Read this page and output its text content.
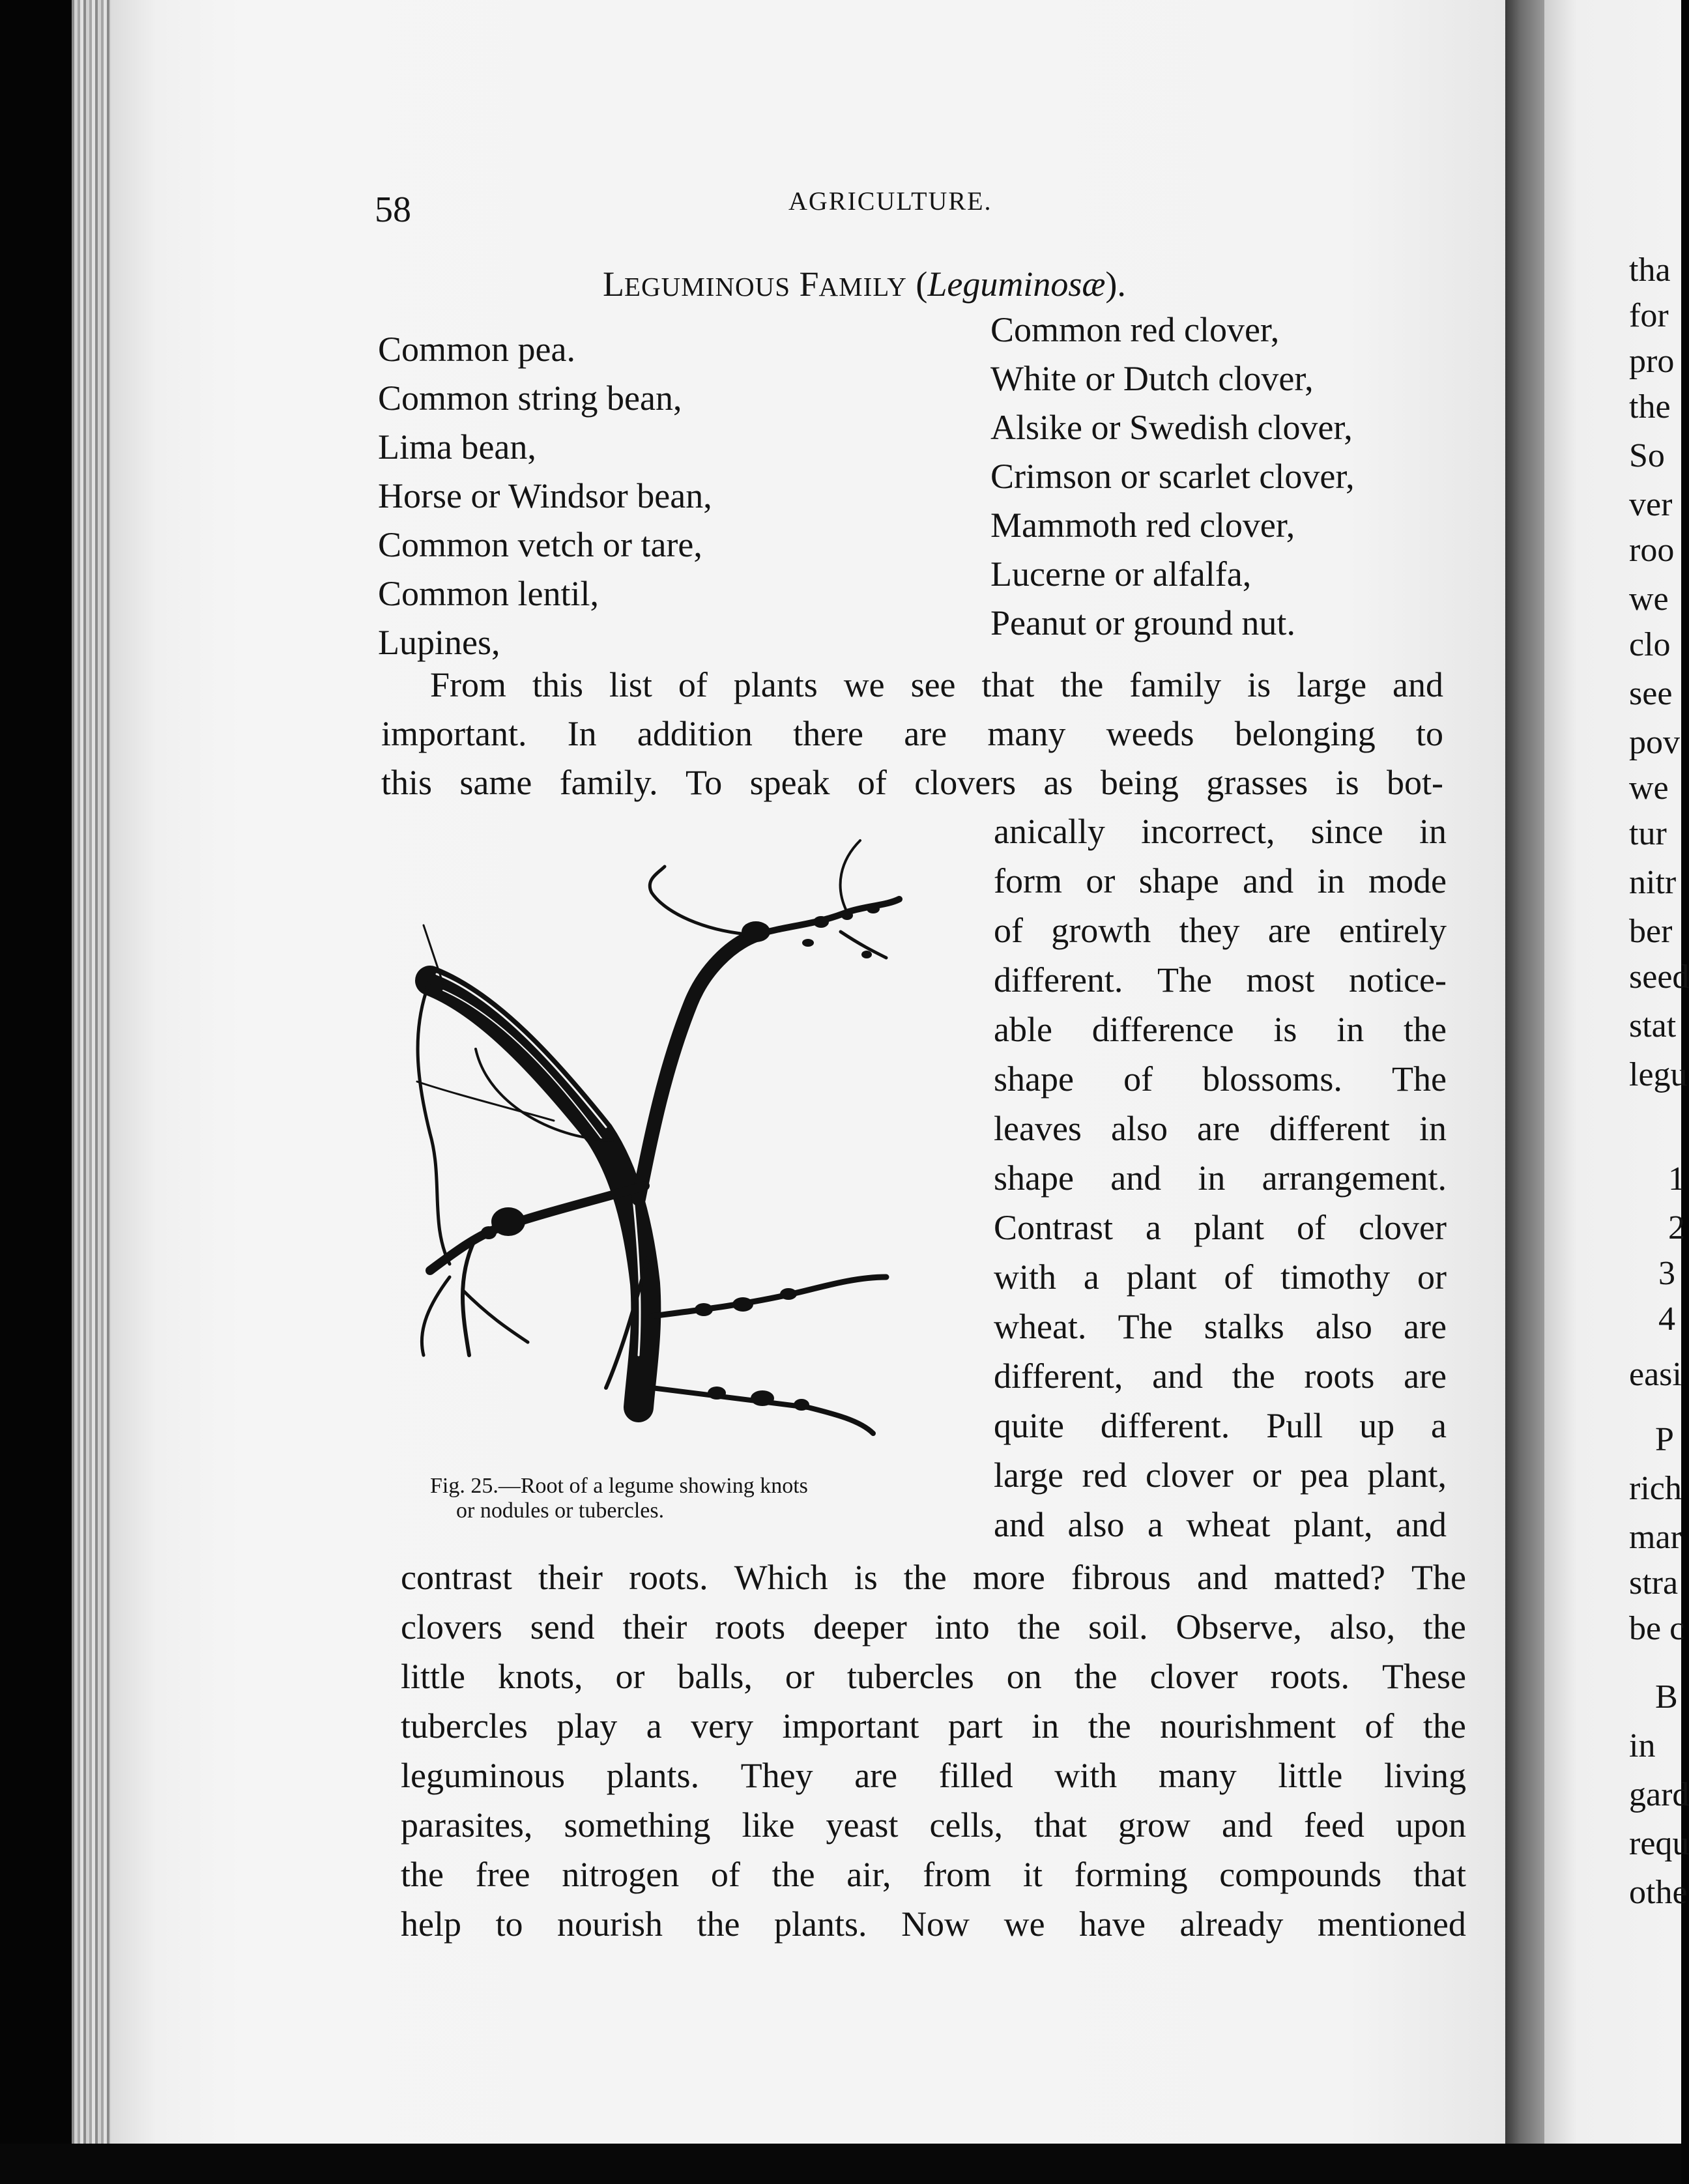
58	AGRICULTURE.
LEGUMINOUS FAMILY (Leguminosæ).
Common pea.
Common string bean,
Lima bean,
Horse or Windsor bean,
Common vetch or tare,
Common lentil,
Lupines,
Common red clover,
White or Dutch clover,
Alsike or Swedish clover,
Crimson or scarlet clover,
Mammoth red clover,
Lucerne or alfalfa,
Peanut or ground nut.
From this list of plants we see that the family is large and
important. In addition there are many weeds belonging to
this same family. To speak of clovers as being grasses is bot-
anically incorrect, since in
form or shape and in mode
of growth they are entirely
different. The most notice-
able difference is in the
shape of blossoms. The
leaves also are different in
shape and in arrangement.
Contrast a plant of clover
with a plant of timothy or
wheat. The stalks also are
different, and the roots are
quite different. Pull up a
large red clover or pea plant,
and also a wheat plant, and
contrast their roots. Which is the more fibrous and matted? The
clovers send their roots deeper into the soil. Observe, also, the
little knots, or balls, or tubercles on the clover roots. These
tubercles play a very important part in the nourishment of the
leguminous plants. They are filled with many little living
parasites, something like yeast cells, that grow and feed upon
the free nitrogen of the air, from it forming compounds that
help to nourish the plants. Now we have already mentioned
Fig. 25.—Root of a legume showing knots
or nodules or tubercles.
tha
for
pro
the
So
ver
roo
we
clo
see
pov
we
tur
nitr
ber
seed
stat
legu
1
2
3
4
easi
P
rich
mar
stra
be c
B
in
gard
requ
othe
